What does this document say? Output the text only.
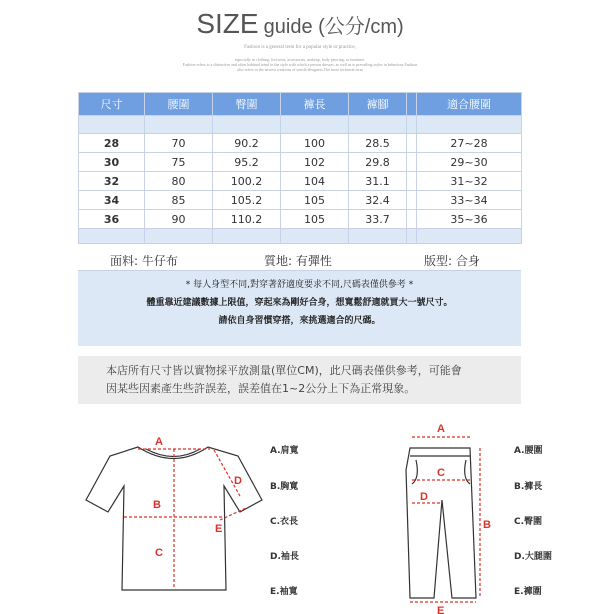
SIZE guide (公分/cm)
Fashion is a general term for a popular style or practice,
especially in clothing, footwear, accessories, makeup, body piercing, or furniture.
Fashion refers to a distinctive and often habitual trend in the style with which a person dresses, as well as to prevailing styles in behaviour.Fashion
also refers to the newest creations of textile designers.The more technical term
尺寸	腰圍	臀圍	褲長	褲腳		適合腰圍

28	70	90.2	100	28.5		27~28
30	75	95.2	102	29.8		29~30
32	80	100.2	104	31.1		31~32
34	85	105.2	105	32.4		33~34
36	90	110.2	105	33.7		35~36

面料: 牛仔布	質地: 有彈性	版型: 合身
* 每人身型不同,對穿著舒適度要求不同,尺碼表僅供參考 *
體重靠近建議數據上限值，穿起來為剛好合身，想寬鬆舒適就買大一號尺寸。
請依自身習慣穿搭，來挑選適合的尺碼。
本店所有尺寸皆以實物採平放測量(單位CM)，此尺碼表僅供參考，可能會
因某些因素產生些許誤差，誤差值在1~2公分上下為正常現象。
A
B
C
D
E
A
B
C
D
E
A.肩寬
B.胸寬
C.衣長
D.袖長
E.袖寬
A.腰圍
B.褲長
C.臀圍
D.大腿圍
E.褲圍
